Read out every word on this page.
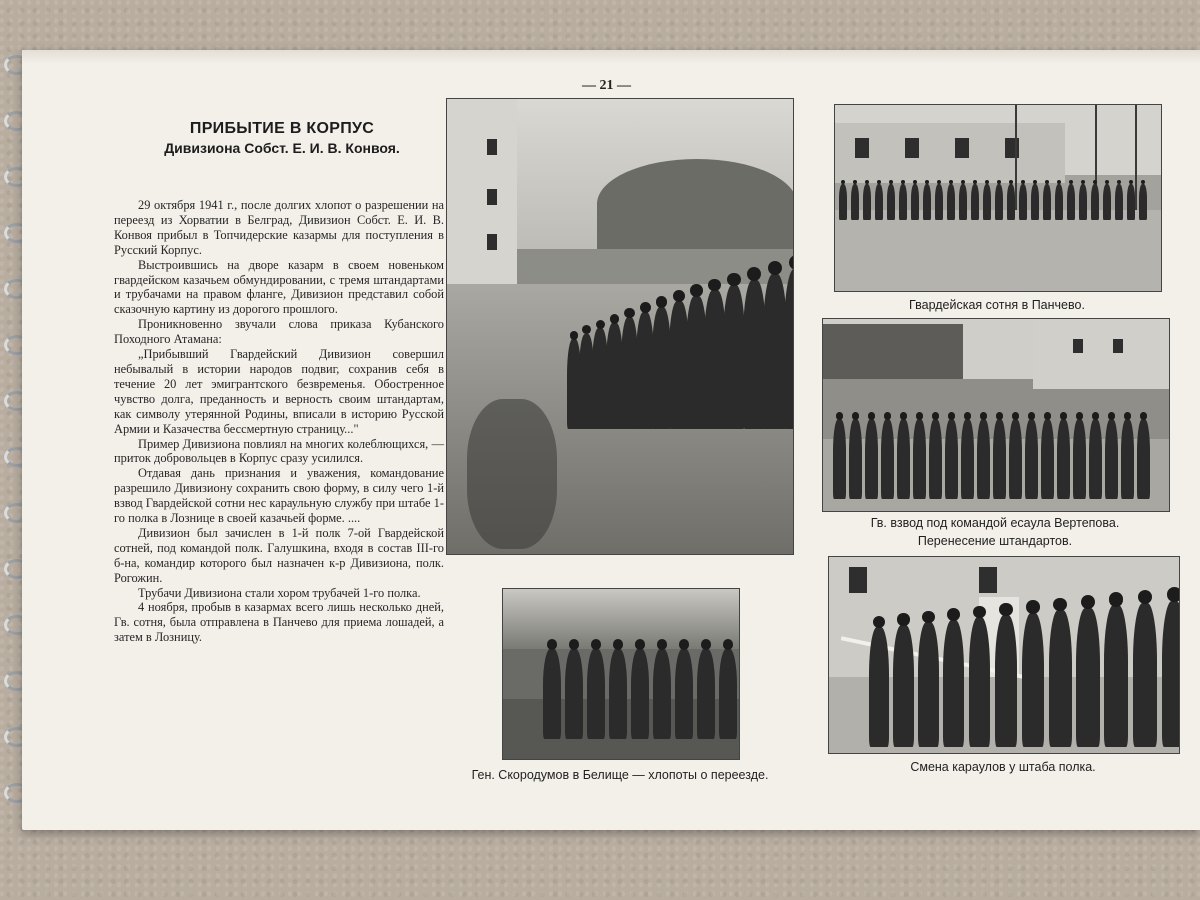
— 21 —
ПРИБЫТИЕ В КОРПУС
Дивизиона Собст. Е. И. В. Конвоя.

29 октября 1941 г., после долгих хлопот о разрешении на переезд из Хорватии в Белград, Дивизион Собст. Е. И. В. Конвоя прибыл в Топчидерские казармы для поступления в Русский Корпус.

Выстроившись на дворе казарм в своем новеньком гвардейском казачьем обмундировании, с тремя штандартами и трубачами на правом фланге, Дивизион представил собой сказочную картину из дорогого прошлого.

Проникновенно звучали слова приказа Кубанского Походного Атамана:

„Прибывший Гвардейский Дивизион совершил небывалый в истории народов подвиг, сохранив себя в течение 20 лет эмигрантского безвременья. Обостренное чувство долга, преданность и верность своим штандартам, как символу утерянной Родины, вписали в историю Русской Армии и Казачества бессмертную страницу..."

Пример Дивизиона повлиял на многих колеблющихся, — приток добровольцев в Корпус сразу усилился.

Отдавая дань признания и уважения, командование разрешило Дивизиону сохранить свою форму, в силу чего 1-й взвод Гвардейской сотни нес караульную службу при штабе 1-го полка в Лознице в своей казачьей форме. ....

Дивизион был зачислен в 1-й полк 7-ой Гвардейской сотней, под командой полк. Галушкина, входя в состав III-го б-на, командир которого был назначен к-р Дивизиона, полк. Рогожин.

Трубачи Дивизиона стали хором трубачей 1-го полка.

4 ноября, пробыв в казармах всего лишь несколько дней, Гв. сотня, была отправлена в Панчево для приема лошадей, а затем в Лозницу.

Гвардейская сотня в Панчево.
Гв. взвод под командой есаула Вертепова.
Перенесение штандартов.
Ген. Скородумов в Белище — хлопоты о переезде.
Смена караулов у штаба полка.
